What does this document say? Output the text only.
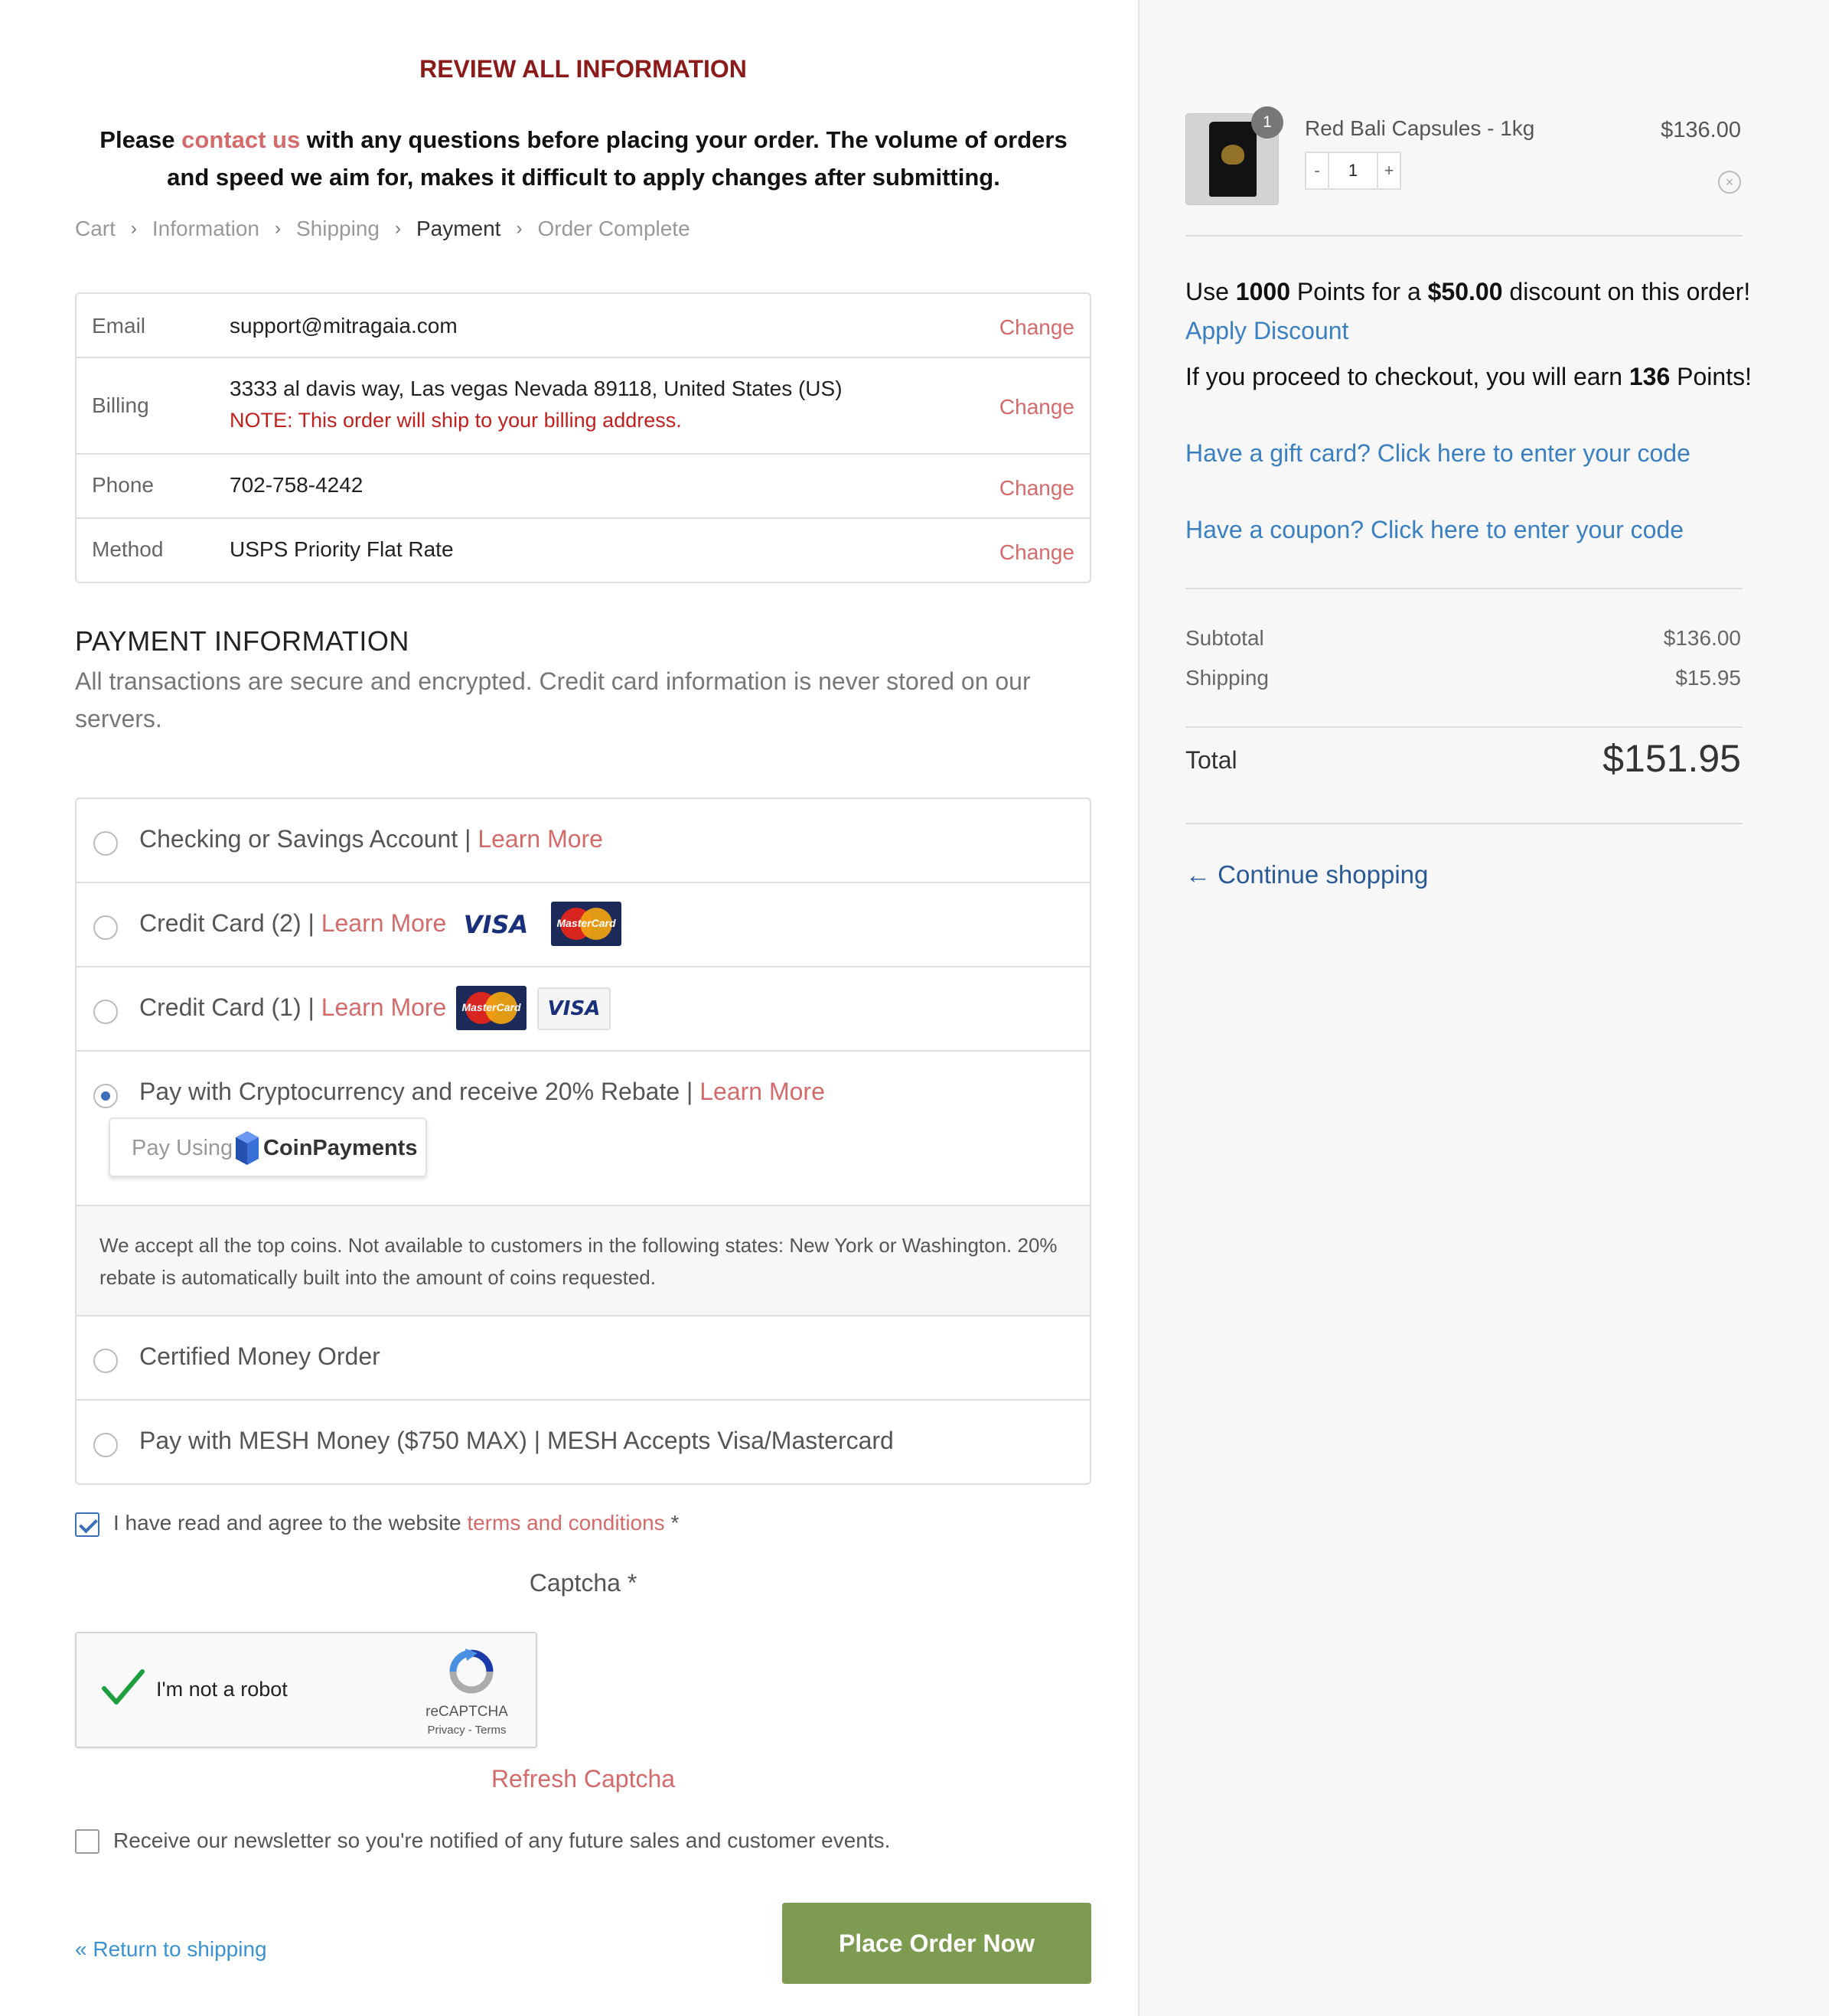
REVIEW ALL INFORMATION
Please contact us with any questions before placing your order. The volume of orders and speed we aim for, makes it difficult to apply changes after submitting.
Cart › Information › Shipping › Payment › Order Complete
Email	support@mitragaia.com	Change
Billing
3333 al davis way, Las vegas Nevada 89118, United States (US)
NOTE: This order will ship to your billing address.
Change
Phone	702-758-4242	Change
Method	USPS Priority Flat Rate	Change
PAYMENT INFORMATION
All transactions are secure and encrypted. Credit card information is never stored on our servers.
Checking or Savings Account | Learn More
Credit Card (2) | Learn More VISA	MasterCard
Credit Card (1) | Learn More	MasterCard	VISA
Pay with Cryptocurrency and receive 20% Rebate | Learn More
Pay Using CoinPayments
We accept all the top coins. Not available to customers in the following states: New York or Washington. 20% rebate is automatically built into the amount of coins requested.
Certified Money Order
Pay with MESH Money ($750 MAX) | MESH Accepts Visa/Mastercard
I have read and agree to the website terms and conditions *
Captcha *
I'm not a robot
reCAPTCHA
Privacy - Terms
Refresh Captcha
Receive our newsletter so you're notified of any future sales and customer events.
« Return to shipping	Place Order Now
1	Red Bali Capsules - 1kg	$136.00
-	1	+
×
Use 1000 Points for a $50.00 discount on this order!
Apply Discount
If you proceed to checkout, you will earn 136 Points!
Have a gift card? Click here to enter your code
Have a coupon? Click here to enter your code
Subtotal	$136.00
Shipping	$15.95
Total	$151.95
← Continue shopping
